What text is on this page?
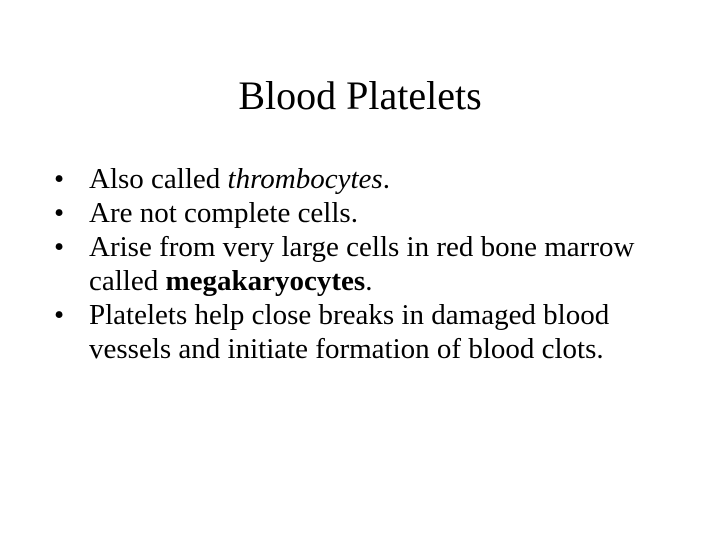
Blood Platelets
• Also called thrombocytes.
• Are not complete cells.
• Arise from very large cells in red bone marrow called megakaryocytes.
• Platelets help close breaks in damaged blood vessels and initiate formation of blood clots.
